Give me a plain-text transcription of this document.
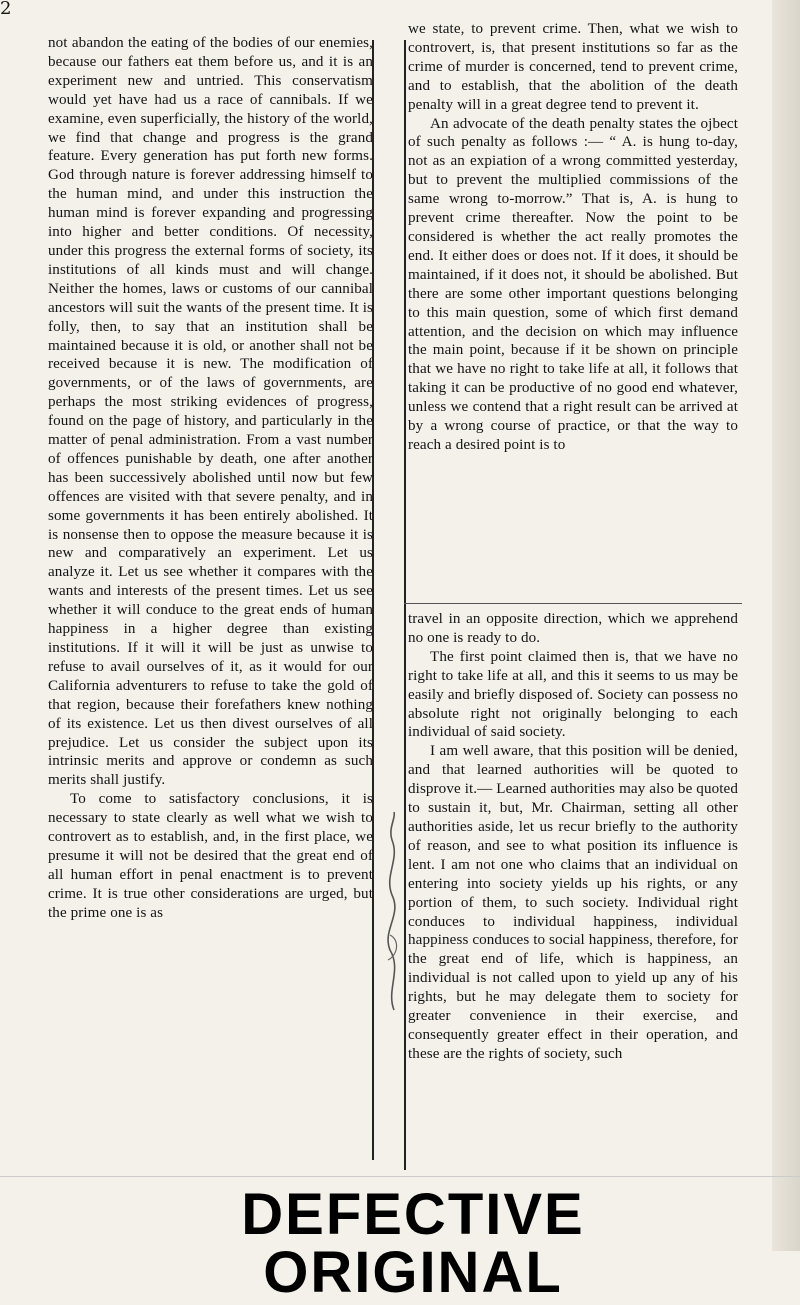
2

not abandon the eating of the bodies of our enemies, because our fathers eat them before us, and it is an experiment new and untried. This conservatism would yet have had us a race of cannibals. If we examine, even superficially, the history of the world, we find that change and progress is the grand feature. Every generation has put forth new forms. God through nature is forever addressing himself to the human mind, and under this instruction the human mind is forever expanding and progressing into higher and better conditions. Of necessity, under this progress the external forms of society, its institutions of all kinds must and will change. Neither the homes, laws or customs of our cannibal ancestors will suit the wants of the present time. It is folly, then, to say that an institution shall be maintained because it is old, or another shall not be received because it is new. The modification of governments, or of the laws of governments, are perhaps the most striking evidences of progress, found on the page of history, and particularly in the matter of penal administration. From a vast number of offences punishable by death, one after another has been successively abolished until now but few offences are visited with that severe penalty, and in some governments it has been entirely abolished. It is nonsense then to oppose the measure because it is new and comparatively an experiment. Let us analyze it. Let us see whether it compares with the wants and interests of the present times. Let us see whether it will conduce to the great ends of human happiness in a higher degree than existing institutions. If it will it will be just as unwise to refuse to avail ourselves of it, as it would for our California adventurers to refuse to take the gold of that region, because their forefathers knew nothing of its existence. Let us then divest ourselves of all prejudice. Let us consider the subject upon its intrinsic merits and approve or condemn as such merits shall justify.

To come to satisfactory conclusions, it is necessary to state clearly as well what we wish to controvert as to establish, and, in the first place, we presume it will not be desired that the great end of all human effort in penal enactment is to prevent crime. It is true other considerations are urged, but the prime one is as

we state, to prevent crime. Then, what we wish to controvert, is, that present institutions so far as the crime of murder is concerned, tend to prevent crime, and to establish, that the abolition of the death penalty will in a great degree tend to prevent it.

An advocate of the death penalty states the ojbect of such penalty as follows :— “ A. is hung to-day, not as an expiation of a wrong committed yesterday, but to prevent the multiplied commissions of the same wrong to-morrow.” That is, A. is hung to prevent crime thereafter. Now the point to be considered is whether the act really promotes the end. It either does or does not. If it does, it should be maintained, if it does not, it should be abolished. But there are some other important questions belonging to this main question, some of which first demand attention, and the decision on which may influence the main point, because if it be shown on principle that we have no right to take life at all, it follows that taking it can be productive of no good end whatever, unless we contend that a right result can be arrived at by a wrong course of practice, or that the way to reach a desired point is to

travel in an opposite direction, which we apprehend no one is ready to do.

The first point claimed then is, that we have no right to take life at all, and this it seems to us may be easily and briefly disposed of. Society can possess no absolute right not originally belonging to each individual of said society.

I am well aware, that this position will be denied, and that learned authorities will be quoted to disprove it.— Learned authorities may also be quoted to sustain it, but, Mr. Chairman, setting all other authorities aside, let us recur briefly to the authority of reason, and see to what position its influence is lent. I am not one who claims that an individual on entering into society yields up his rights, or any portion of them, to such society. Individual right conduces to individual happiness, individual happiness conduces to social happiness, therefore, for the great end of life, which is happiness, an individual is not called upon to yield up any of his rights, but he may delegate them to society for greater convenience in their exercise, and consequently greater effect in their operation, and these are the rights of society, such

DEFECTIVE ORIGINAL
